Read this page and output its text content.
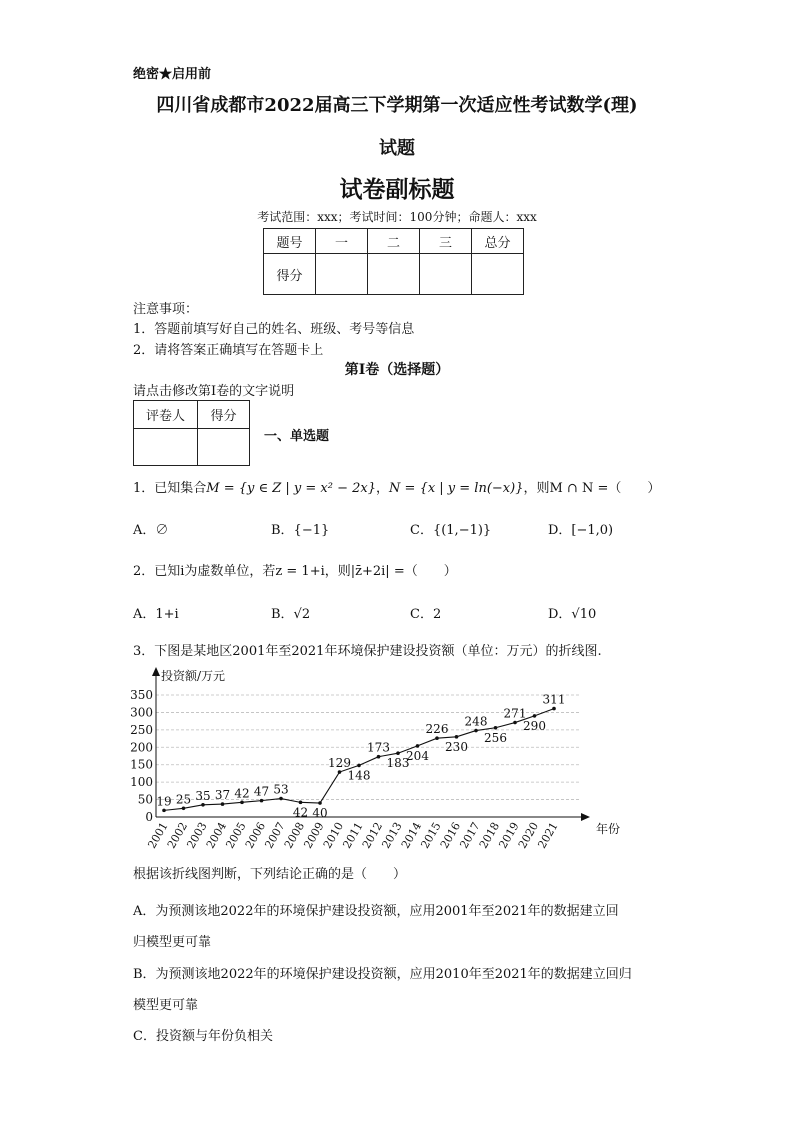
绝密★启用前
四川省成都市2022届高三下学期第一次适应性考试数学(理)
试题
试卷副标题
考试范围：xxx；考试时间：100分钟；命题人：xxx
题号	一	二	三	总分
得分				
注意事项：
1．答题前填写好自己的姓名、班级、考号等信息
2．请将答案正确填写在答题卡上
第I卷（选择题）
请点击修改第I卷的文字说明
评卷人	得分

一、单选题
1．已知集合M = {y ∈ Z | y = x² − 2x}，N = {x | y = ln(−x)}，则M ∩ N =（　　）
A．∅	B．{−1}	C．{(1,−1)}	D．[−1,0)
2．已知i为虚数单位，若z = 1+i，则|z̄+2i| =（　　）
A．1+i	B．√2	C．2	D．√10
3．下图是某地区2001年至2021年环境保护建设投资额（单位：万元）的折线图.
0
50
100
150
200
250
300
350
投资额/万元
年份
2001
2002
2003
2004
2005
2006
2007
2008
2009
2010
2011
2012
2013
2014
2015
2016
2017
2018
2019
2020
2021
19 25 35 37 42 47 53
42 40
129
148
173
183
204
226
230
248
256
271
290
311
根据该折线图判断，下列结论正确的是（　　）
A．为预测该地2022年的环境保护建设投资额，应用2001年至2021年的数据建立回
归模型更可靠
B．为预测该地2022年的环境保护建设投资额，应用2010年至2021年的数据建立回归
模型更可靠
C．投资额与年份负相关
